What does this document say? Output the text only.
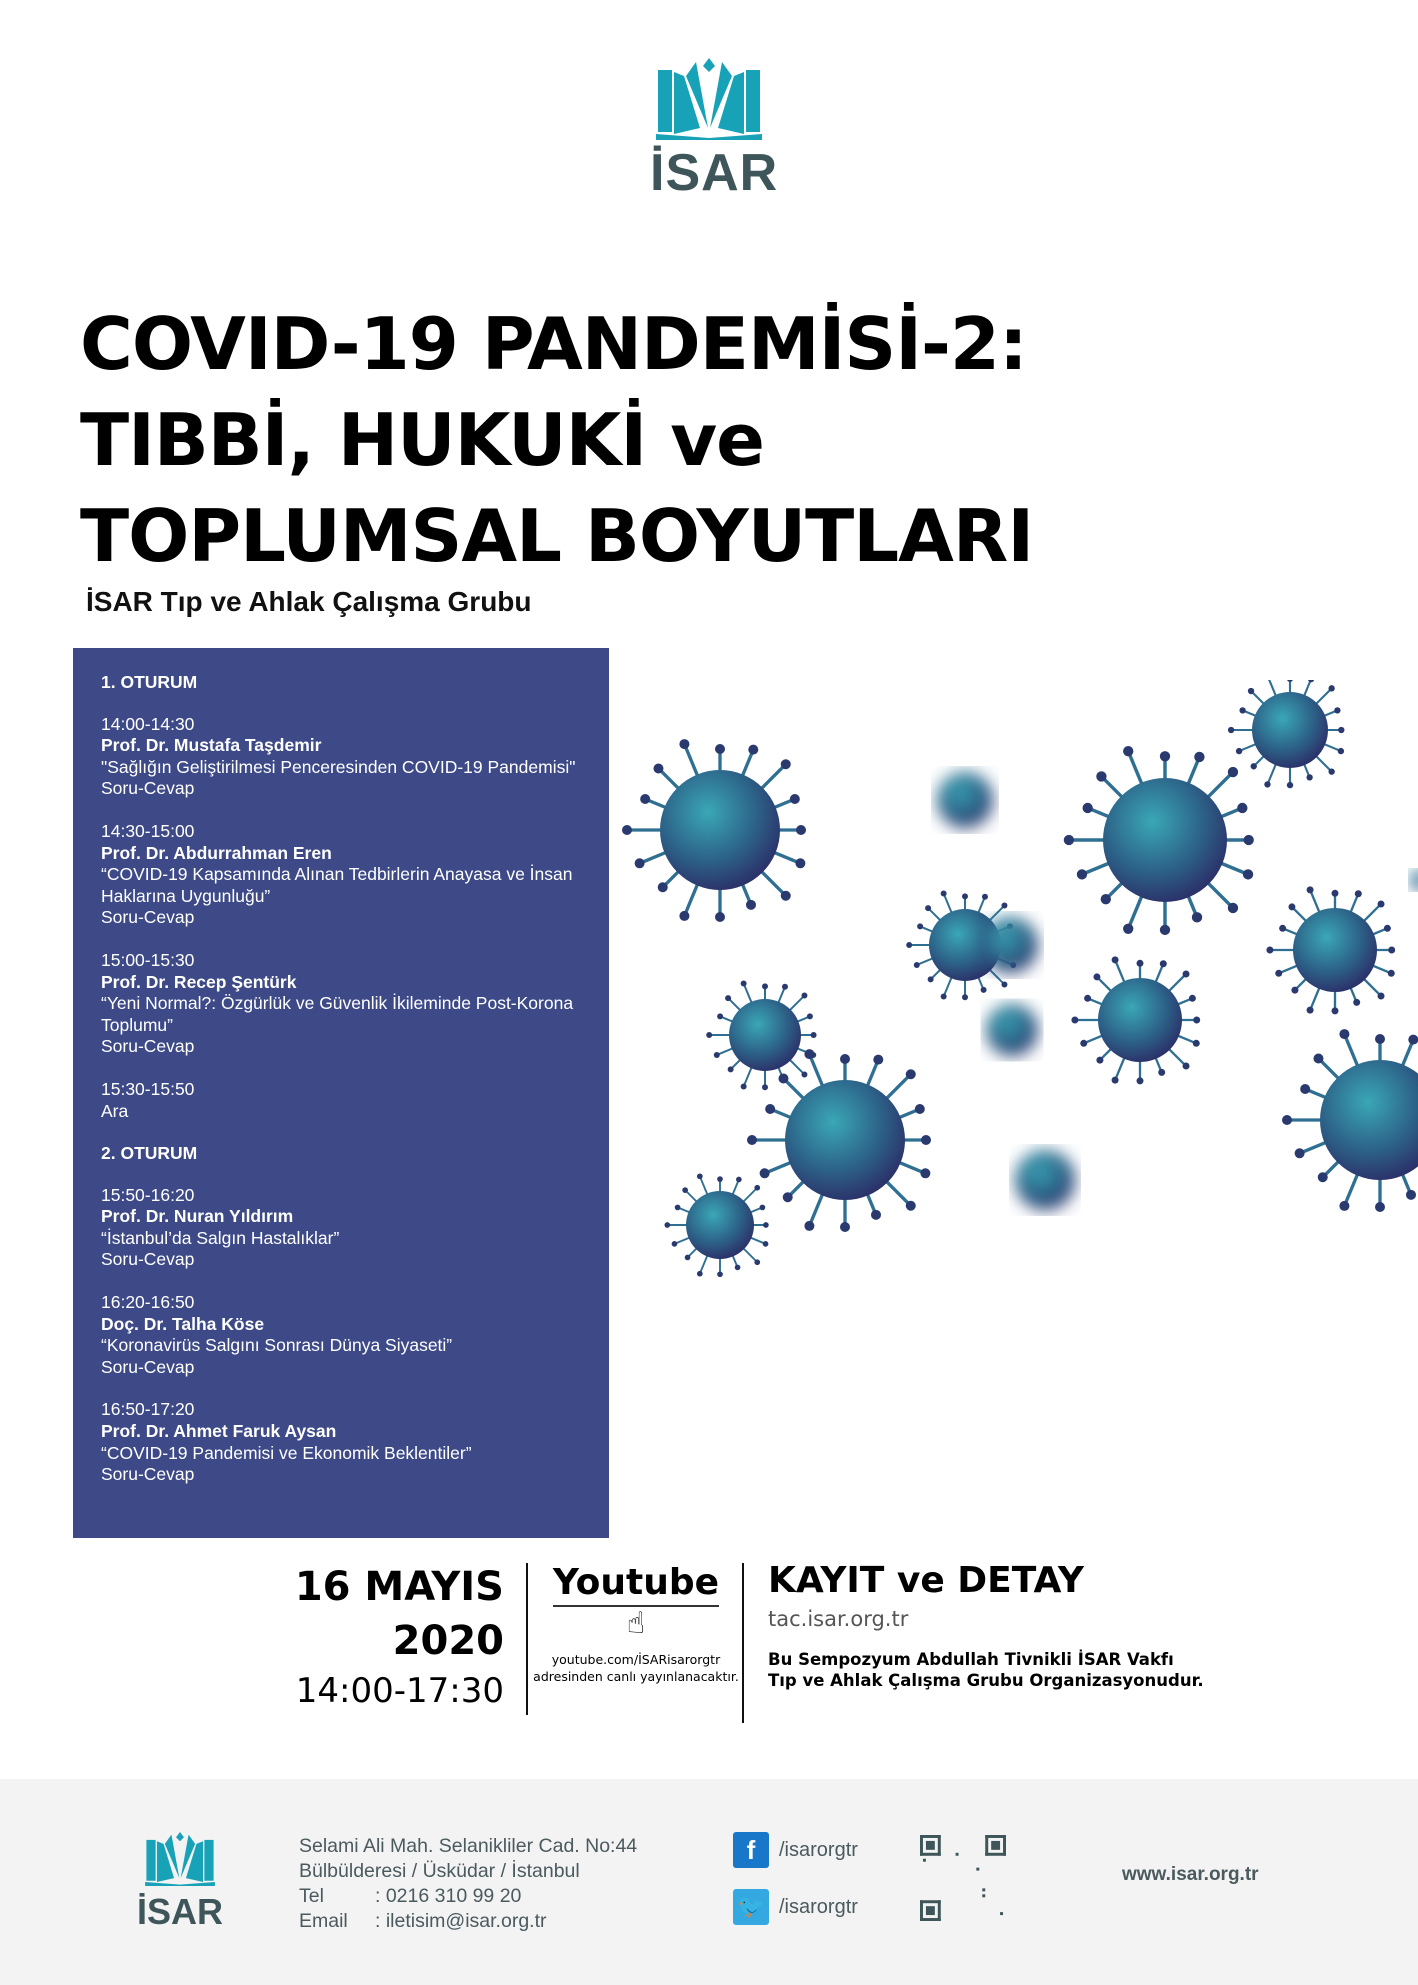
İSAR
COVID-19 PANDEMİSİ-2:
TIBBİ, HUKUKİ ve
TOPLUMSAL BOYUTLARI
İSAR Tıp ve Ahlak Çalışma Grubu
1. OTURUM
14:00-14:30
Prof. Dr. Mustafa Taşdemir
"Sağlığın Geliştirilmesi Penceresinden COVID-19 Pandemisi"
Soru-Cevap
14:30-15:00
Prof. Dr. Abdurrahman Eren
“COVID-19 Kapsamında Alınan Tedbirlerin Anayasa ve İnsan Haklarına Uygunluğu”
Soru-Cevap
15:00-15:30
Prof. Dr. Recep Şentürk
“Yeni Normal?: Özgürlük ve Güvenlik İkileminde Post-Korona Toplumu”
Soru-Cevap
15:30-15:50
Ara
2. OTURUM
15:50-16:20
Prof. Dr. Nuran Yıldırım
“İstanbul’da Salgın Hastalıklar”
Soru-Cevap
16:20-16:50
Doç. Dr. Talha Köse
“Koronavirüs Salgını Sonrası Dünya Siyaseti”
Soru-Cevap
16:50-17:20
Prof. Dr. Ahmet Faruk Aysan
“COVID-19 Pandemisi ve Ekonomik Beklentiler”
Soru-Cevap
16 MAYIS
2020
14:00-17:30
Youtube
☝
youtube.com/İSARisarorgtr
adresinden canlı yayınlanacaktır.
KAYIT ve DETAY
tac.isar.org.tr
Bu Sempozyum Abdullah Tivnikli İSAR Vakfı
Tıp ve Ahlak Çalışma Grubu Organizasyonudur.
İSAR
Selami Ali Mah. Selanikliler Cad. No:44
Bülbülderesi / Üsküdar / İstanbul
Tel	: 0216 310 99 20
Email : iletisim@isar.org.tr
f	/isarorgtr
🐦 /isarorgtr
www.isar.org.tr
